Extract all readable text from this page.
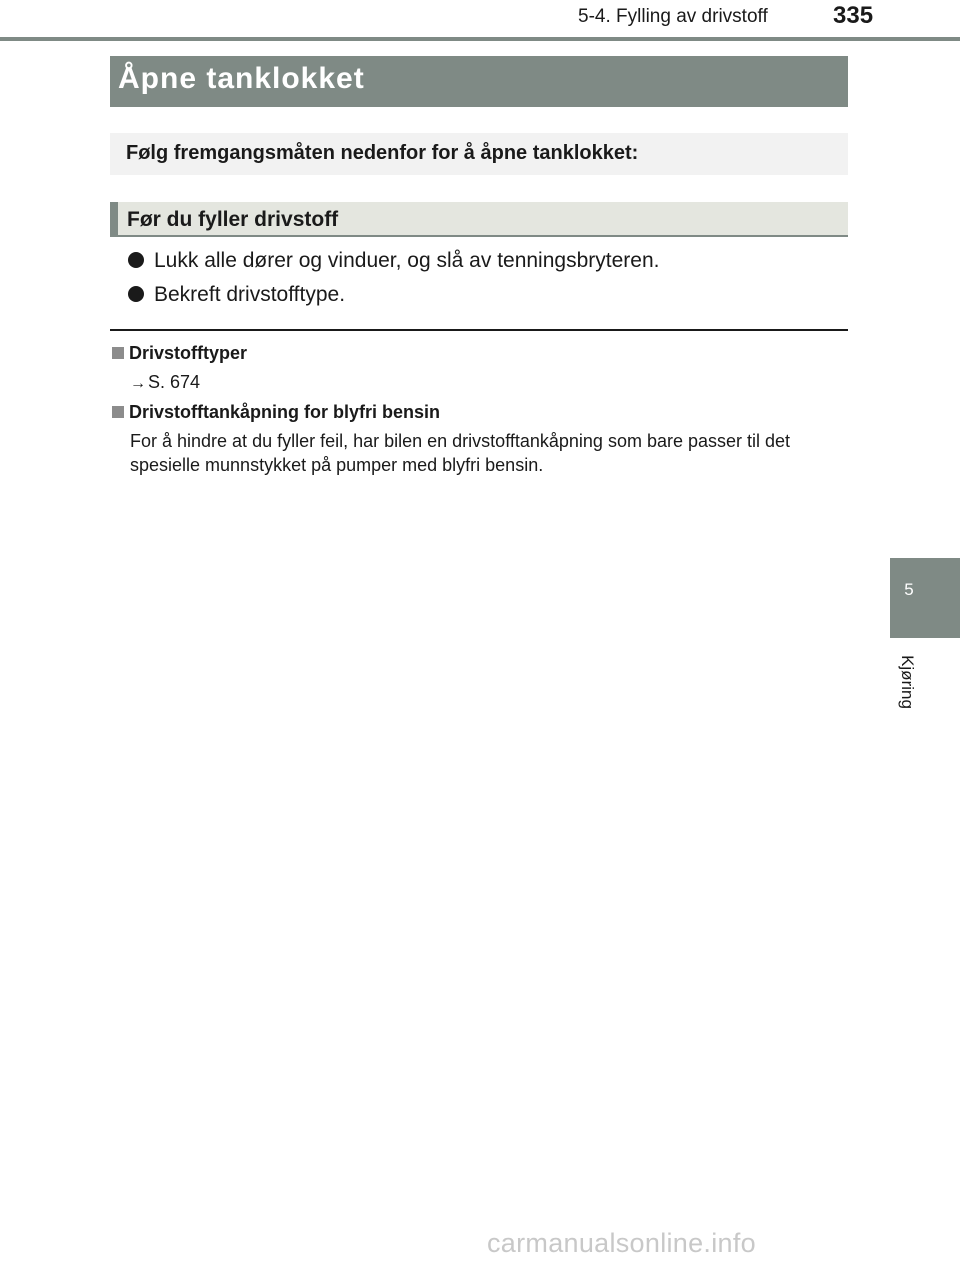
5-4. Fylling av drivstoff	335
Åpne tanklokket
Følg fremgangsmåten nedenfor for å åpne tanklokket:
Før du fyller drivstoff
Lukk alle dører og vinduer, og slå av tenningsbryteren.
Bekreft drivstofftype.
Drivstofftyper
→ S. 674
Drivstofftankåpning for blyfri bensin
For å hindre at du fyller feil, har bilen en drivstofftankåpning som bare passer til det spesielle munnstykket på pumper med blyfri bensin.
5
Kjøring
carmanualsonline.info
